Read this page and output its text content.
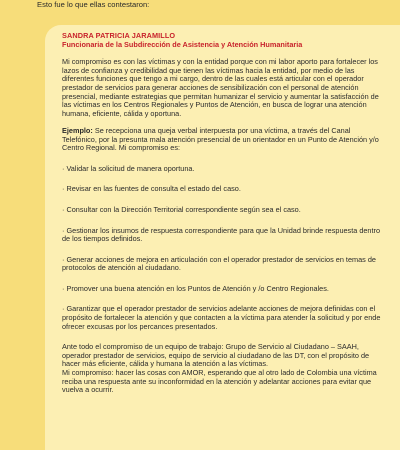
Esto fue lo que ellas contestaron:
SANDRA PATRICIA JARAMILLO
Funcionaria de la Subdirección de Asistencia y Atención Humanitaria

Mi compromiso es con las víctimas y con la entidad porque con mi labor aporto para fortalecer los lazos de confianza y credibilidad que tienen las víctimas hacia la entidad, por medio de las diferentes funciones que tengo a mi cargo, dentro de las cuales está articular con el operador prestador de servicios para generar acciones de sensibilización con el personal de atención presencial, mediante estrategias que permitan humanizar el servicio y aumentar la satisfacción de las víctimas en los Centros Regionales y Puntos de Atención, en busca de lograr una atención humana, eficiente, cálida y oportuna.

Ejemplo: Se recepciona una queja verbal interpuesta por una víctima, a través del Canal Telefónico, por la presunta mala atención presencial de un orientador en un Punto de Atención y/o Centro Regional. Mi compromiso es:

· Validar la solicitud de manera oportuna.

· Revisar en las fuentes de consulta el estado del caso.

· Consultar con la Dirección Territorial correspondiente según sea el caso.

· Gestionar los insumos de respuesta correspondiente para que la Unidad brinde respuesta dentro de los tiempos definidos.

· Generar acciones de mejora en articulación con el operador prestador de servicios en temas de protocolos de atención al ciudadano.

· Promover una buena atención en los Puntos de Atención y /o Centro Regionales.

· Garantizar que el operador prestador de servicios adelante acciones de mejora definidas con el propósito de fortalecer la atención y que contacten a la víctima para atender la solicitud y por ende ofrecer excusas por los percances presentados.

Ante todo el compromiso de un equipo de trabajo: Grupo de Servicio al Ciudadano – SAAH, operador prestador de servicios, equipo de servicio al ciudadano de las DT, con el propósito de hacer más eficiente, cálida y humana la atención a las víctimas.

Mi compromiso: hacer las cosas con AMOR, esperando que al otro lado de Colombia una víctima reciba una respuesta ante su inconformidad en la atención y adelantar acciones para evitar que vuelva a ocurrir.
